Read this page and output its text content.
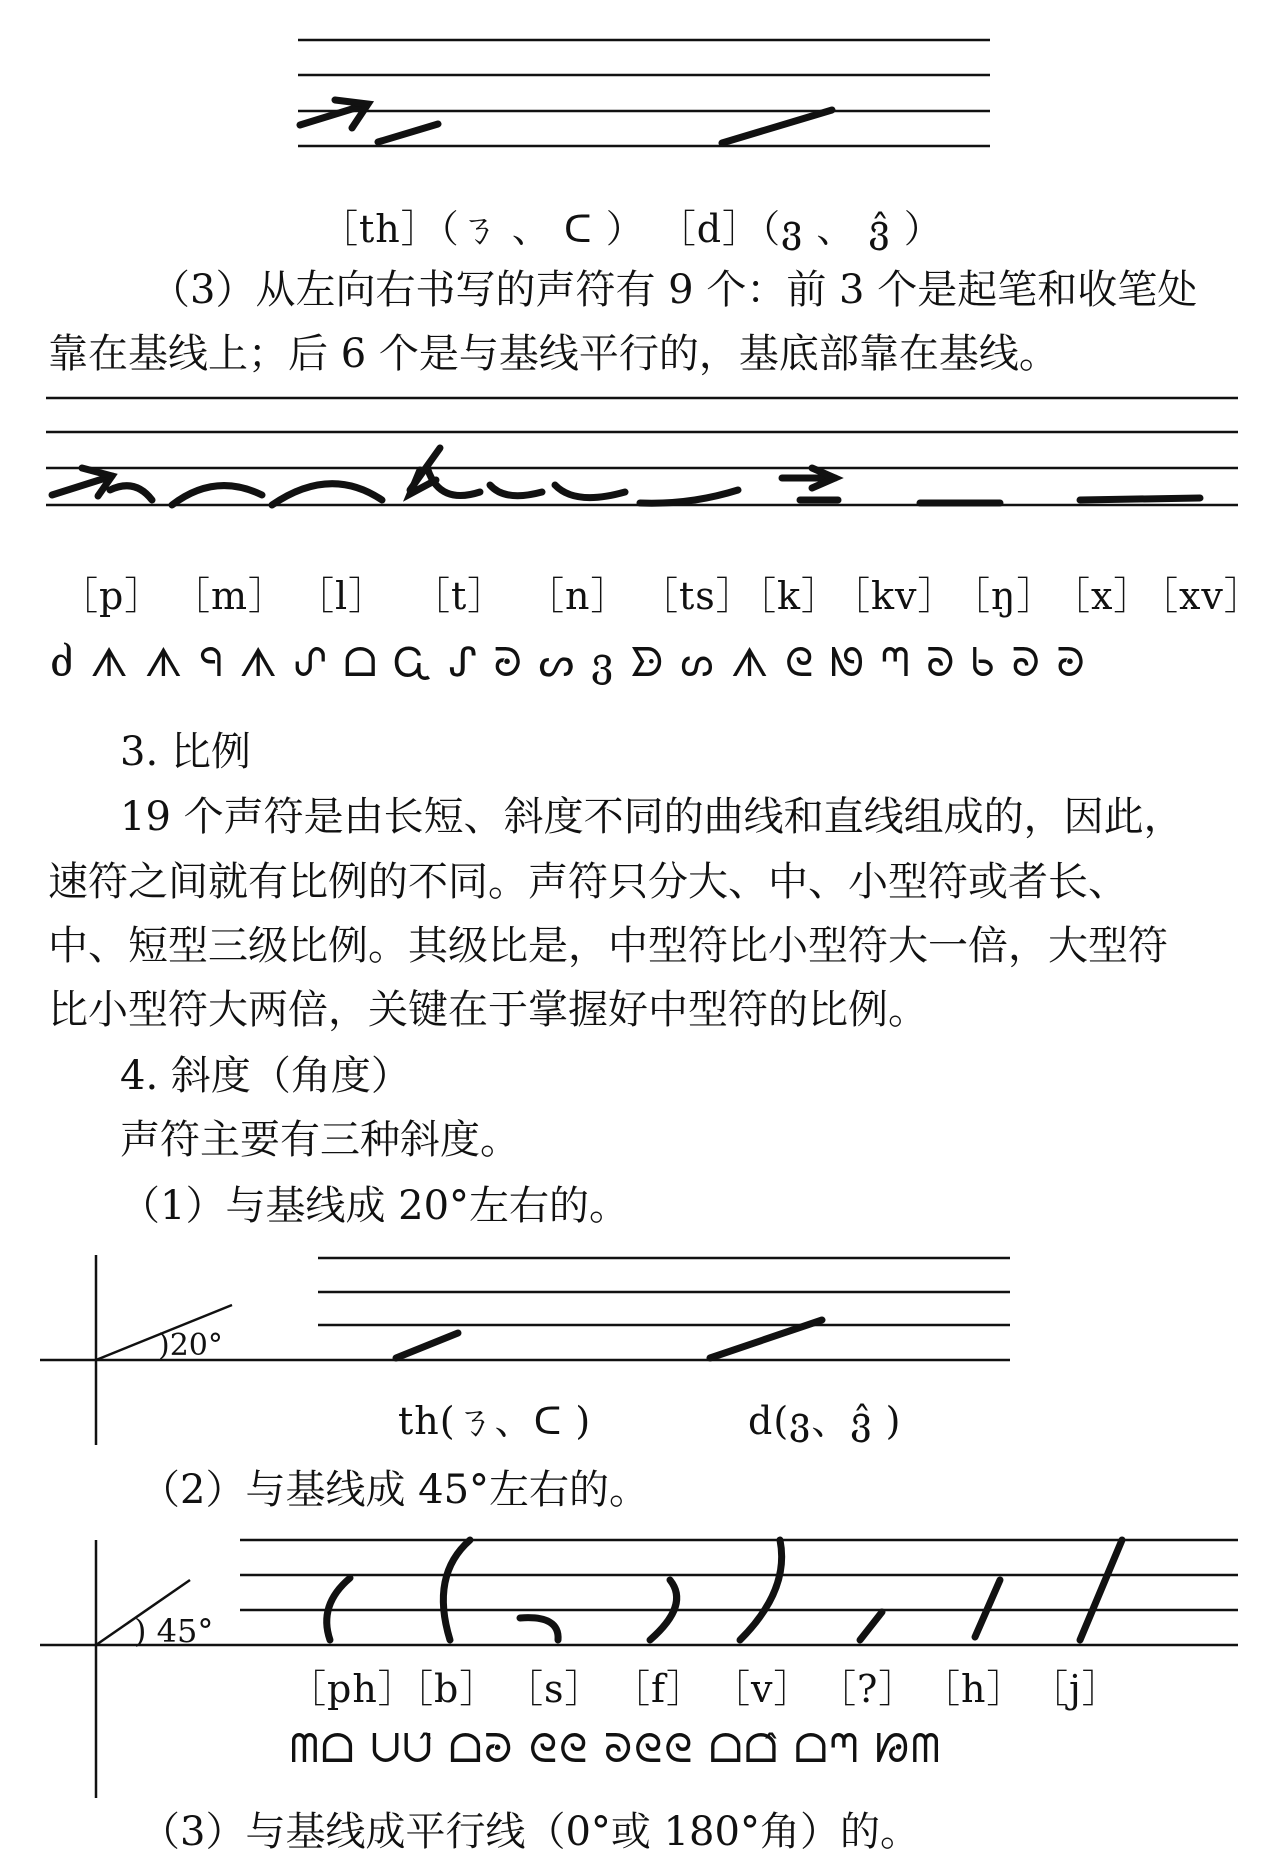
［th］（ㄋ 、 ᑕ ） ［d］（ვ 、 ვ̂ ）
（3）从左向右书写的声符有 9 个：前 3 个是起笔和收笔处
靠在基线上；后 6 个是与基线平行的，基底部靠在基线。
［p］ ［m］ ［l］ ［t］ ［n］ ［ts］
［k］
［kv］
［ŋ］
［x］
［xv］
ძ ᗑ ᗑ ᑫ ᗑ ᔑ ᗝ Ꮹ ᔑ ᘒ ᔕ ვ ᗦ ᔕ ᗑ ᘓ ᘚ ᘉ ᘐ ᑲ ᘐ ᘒ
3. 比例
19 个声符是由长短、斜度不同的曲线和直线组成的，因此，
速符之间就有比例的不同。声符只分大、中、小型符或者长、
中、短型三级比例。其级比是，中型符比小型符大一倍，大型符
比小型符大两倍，关键在于掌握好中型符的比例。
4. 斜度（角度）
声符主要有三种斜度。
（1）与基线成 20°左右的。
)20°
th(ㄋ、ᑕ )	d(ვ、ვ̂ )
（2）与基线成 45°左右的。
) 45°
［ph］
［b］ ［s］ ［f］ ［v］ ［?］ ［h］ ［j］
ᗰᗝ ᑌᑌ̂ ᗝᘒ ᘓᘓ ᘐᘓᘓ ᗝᗝ̂ ᗝᘉ ᘙᗰ
（3）与基线成平行线（0°或 180°角）的。
